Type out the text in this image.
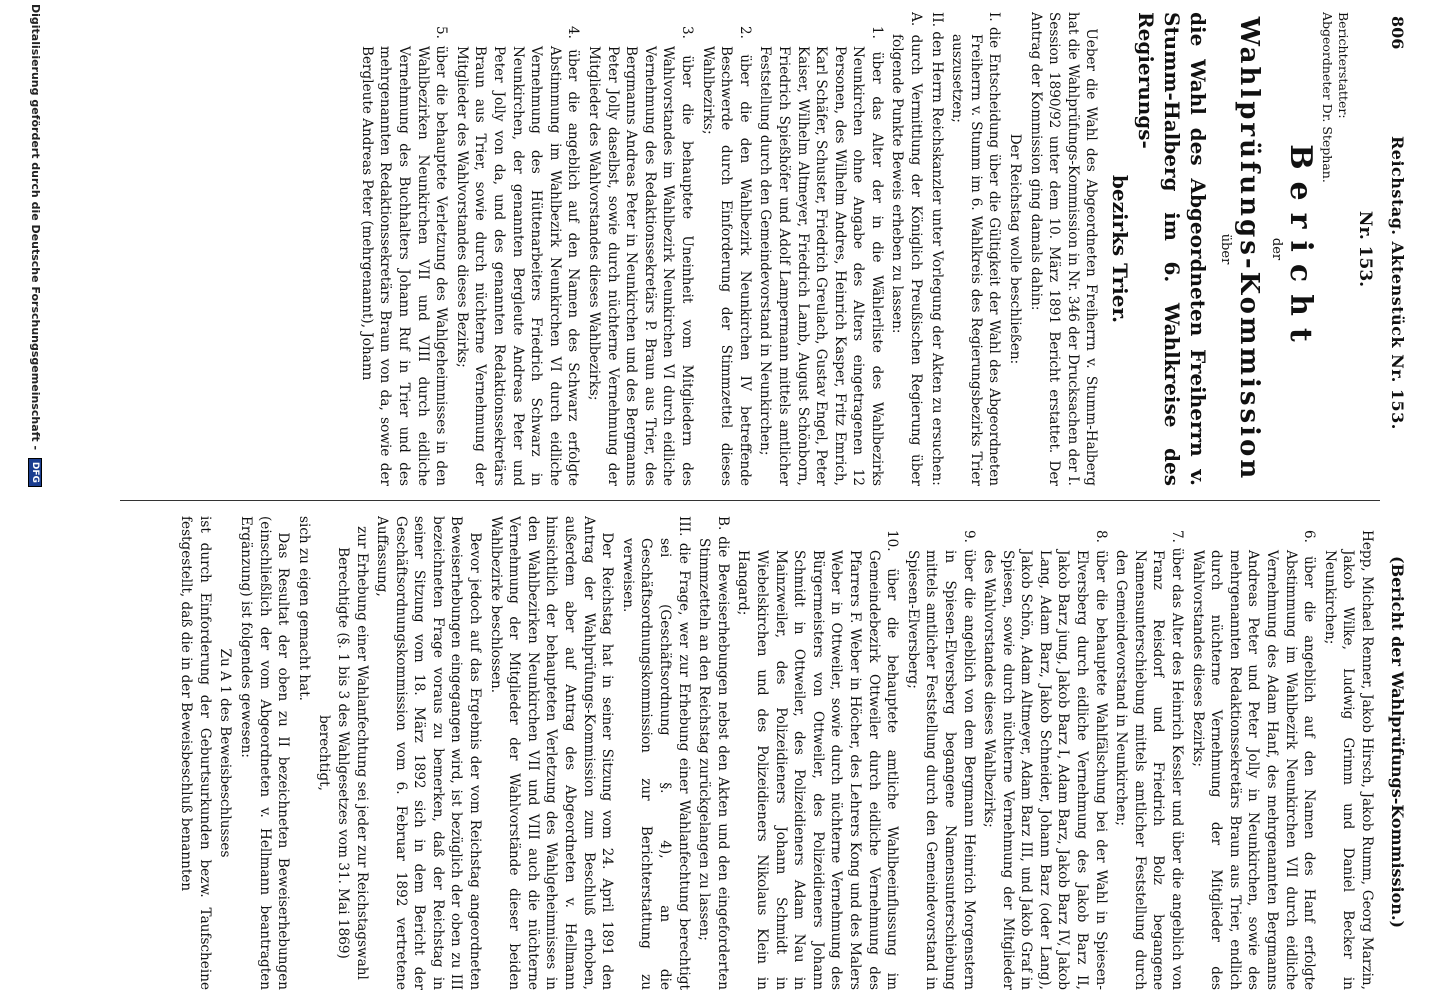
806
Reichstag. Aktenstück Nr. 153.
(Bericht der Wahlprüfungs-Kommission.)
Nr. 153.
Berichterstatter:
Abgeordneter Dr. Stephan.
Bericht
der
Wahlprüfungs-Kommission
über
die Wahl des Abgeordneten Freiherrn v. Stumm-Halberg im 6. Wahlkreise des Regierungs-
bezirks Trier.

Ueber die Wahl des Abgeordneten Freiherrn v. Stumm-Halberg hat die Wahlprüfungs-Kommission in Nr. 346 der Drucksachen der I. Session 1890/92 unter dem 10. März 1891 Bericht erstattet. Der Antrag der Kommission ging damals dahin:

Der Reichstag wolle beschließen:

I. die Entscheidung über die Gültigkeit der Wahl des Abgeordneten Freiherrn v. Stumm im 6. Wahlkreis des Regierungsbezirks Trier auszusetzen;

II. den Herrn Reichskanzler unter Vorlegung der Akten zu ersuchen:

A. durch Vermittlung der Königlich Preußischen Regierung über folgende Punkte Beweis erheben zu lassen:

1. über das Alter der in die Wählerliste des Wahlbezirks Neunkirchen ohne Angabe des Alters eingetragenen 12 Personen, des Wilhelm Andres, Heinrich Kasper, Fritz Emrich, Karl Schäfer, Schuster, Friedrich Greulach, Gustav Engel, Peter Kaiser, Wilhelm Altmeyer, Friedrich Lamb, August Schönborn, Friedrich Spießhöfer und Adolf Lampermann mittels amtlicher Feststellung durch den Gemeindevorstand in Neunkirchen;

2. über die den Wahlbezirk Neunkirchen IV betreffende Beschwerde durch Einforderung der Stimmzettel dieses Wahlbezirks;

3. über die behauptete Uneinheit vom Mitgliedern des Wahlvorstandes im Wahlbezirk Neunkirchen VI durch eidliche Vernehmung des Redaktionssekretärs P. Braun aus Trier, des Bergmanns Andreas Peter in Neunkirchen und des Bergmanns Peter Jolly daselbst, sowie durch nüchterne Vernehmung der Mitglieder des Wahlvorstandes dieses Wahlbezirks;

4. über die angeblich auf den Namen des Schwarz erfolgte Abstimmung im Wahlbezirk Neunkirchen VI durch eidliche Vernehmung des Hüttenarbeiters Friedrich Schwarz in Neunkirchen, der genannten Bergleute Andreas Peter und Peter Jolly von da, und des genannten Redaktionssekretärs Braun aus Trier, sowie durch nüchterne Vernehmung der Mitglieder des Wahlvorstandes dieses Bezirks;

5. über die behauptete Verletzung des Wahlgeheimnisses in den Wahlbezirken Neunkirchen VII und VIII durch eidliche Vernehmung des Buchhalters Johann Ruf in Trier und des mehrgenannten Redaktionssekretärs Braun von da, sowie der Bergleute Andreas Peter (mehrgenannt), Johann

Hepp, Michael Renner, Jakob Hirsch, Jakob Rumm, Georg Marzin, Jakob Wilke, Ludwig Grimm und Daniel Becker in Neunkirchen;

6. über die angeblich auf den Namen des Hanf erfolgte Abstimmung im Wahlbezirk Neunkirchen VII durch eidliche Vernehmung des Adam Hanf, des mehrgenannten Bergmanns Andreas Peter und Peter Jolly in Neunkirchen, sowie des mehrgenannten Redaktionssekretärs Braun aus Trier, endlich durch nüchterne Vernehmung der Mitglieder des Wahlvorstandes dieses Bezirks;

7. über das Alter des Heinrich Kessler und über die angeblich von Franz Reisdorf und Friedrich Bolz begangene Namensunterschiebung mittels amtlicher Feststellung durch den Gemeindevorstand in Neunkirchen;

8. über die behauptete Wahlfälschung bei der Wahl in Spiesen-Elversberg durch eidliche Vernehmung des Jakob Barz II, Jakob Barz jung, Jakob Barz I, Adam Barz, Jakob Barz IV, Jakob Lang, Adam Barz, Jakob Schneider, Johann Barz (oder Lang), Jakob Schön, Adam Altmeyer, Adam Barz III, und Jakob Graf in Spiesen, sowie durch nüchterne Vernehmung der Mitglieder des Wahlvorstandes dieses Wahlbezirks;

9. über die angeblich von dem Bergmann Heinrich Morgenstern in Spiesen-Elversberg begangene Namensunterschiebung mittels amtlicher Feststellung durch den Gemeindevorstand in Spiesen-Elversberg;

10. über die behauptete amtliche Wahlbeeinflussung im Gemeindebezirk Ottweiler durch eidliche Vernehmung des Pfarrers F. Weber in Höcher, des Lehrers Kong und des Malers Weber in Ottweiler, sowie durch nüchterne Vernehmung des Bürgermeisters von Ottweiler, des Polizeidieners Johann Schmidt in Ottweiler, des Polizeidieners Adam Nau in Mainzweiler, des Polizeidieners Johann Schmidt in Wiebelskirchen und des Polizeidieners Nikolaus Klein in Hangard;

B. die Beweiserhebungen nebst den Akten und den eingeforderten Stimmzetteln an den Reichstag zurückgelangen zu lassen;

III. die Frage, wer zur Erhebung einer Wahlanfechtung berechtigt sei (Geschäftsordnung §. 4), an die Geschäftsordnungskommission zur Berichterstattung zu verweisen.

Der Reichstag hat in seiner Sitzung vom 24. April 1891 den Antrag der Wahlprüfungs-Kommission zum Beschluß erhoben, außerdem aber auf Antrag des Abgeordneten v. Hellmann hinsichtlich der behaupteten Verletzung des Wahlgeheimnisses in den Wahlbezirken Neunkirchen VII und VIII auch die nüchterne Vernehmung der Mitglieder der Wahlvorstände dieser beiden Wahlbezirke beschlossen.

Bevor jedoch auf das Ergebnis der vom Reichstag angeordneten Beweiserhebungen eingegangen wird, ist bezüglich der oben zu III bezeichneten Frage voraus zu bemerken, daß der Reichstag in seiner Sitzung vom 18. März 1892 sich in dem Bericht der Geschäftsordnungskommission vom 6. Februar 1892 vertretene Auffassung,

zur Erhebung einer Wahlanfechtung sei jeder zur Reichstagswahl Berechtigte (§. 1 bis 3 des Wahlgesetzes vom 31. Mai 1869) berechtigt,

sich zu eigen gemacht hat.

Das Resultat der oben zu II bezeichneten Beweiserhebungen (einschließlich der vom Abgeordneten v. Hellmann beantragten Ergänzung) ist folgendes gewesen:

Zu A 1 des Beweisbeschlusses

ist durch Einforderung der Geburtsurkunden bezw. Taufscheine festgestellt, daß die in der Beweisbeschluß benannten

Digitalisierung gefördert durch die Deutsche Forschungsgemeinschaft - DFG
